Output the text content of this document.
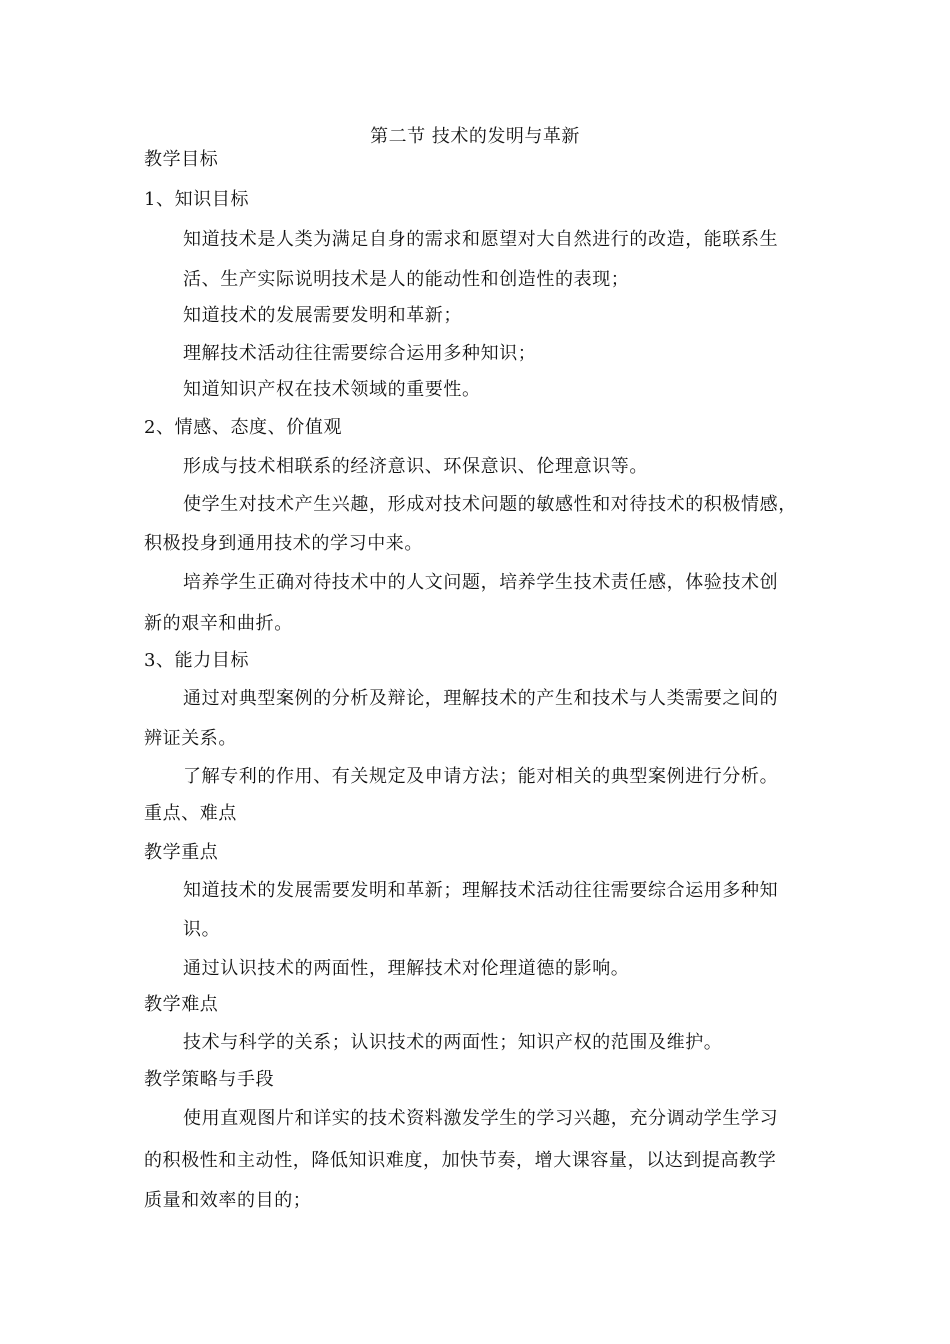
第二节 技术的发明与革新
教学目标
1、知识目标
知道技术是人类为满足自身的需求和愿望对大自然进行的改造，能联系生
活、生产实际说明技术是人的能动性和创造性的表现；
知道技术的发展需要发明和革新；
理解技术活动往往需要综合运用多种知识；
知道知识产权在技术领域的重要性。
2、情感、态度、价值观
形成与技术相联系的经济意识、环保意识、伦理意识等。
使学生对技术产生兴趣，形成对技术问题的敏感性和对待技术的积极情感，
积极投身到通用技术的学习中来。
培养学生正确对待技术中的人文问题，培养学生技术责任感，体验技术创
新的艰辛和曲折。
3、能力目标
通过对典型案例的分析及辩论，理解技术的产生和技术与人类需要之间的
辨证关系。
了解专利的作用、有关规定及申请方法；能对相关的典型案例进行分析。
重点、难点
教学重点
知道技术的发展需要发明和革新；理解技术活动往往需要综合运用多种知
识。
通过认识技术的两面性，理解技术对伦理道德的影响。
教学难点
技术与科学的关系；认识技术的两面性；知识产权的范围及维护。
教学策略与手段
使用直观图片和详实的技术资料激发学生的学习兴趣，充分调动学生学习
的积极性和主动性，降低知识难度，加快节奏，增大课容量，以达到提高教学
质量和效率的目的；
